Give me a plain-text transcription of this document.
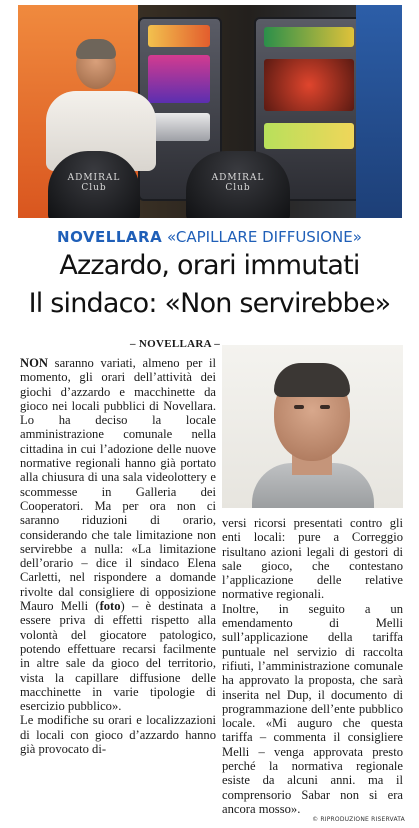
ADMIRAL
Club
ADMIRAL
Club
NOVELLARA «CAPILLARE DIFFUSIONE»
Azzardo, orari immutati
Il sindaco: «Non servirebbe»
– NOVELLARA –

NON saranno variati, almeno per il momento, gli orari dell’attività dei giochi d’azzardo e macchinette da gioco nei locali pubblici di Novellara. Lo ha deciso la locale amministrazione comunale nella cittadina in cui l’adozione delle nuove normative regionali hanno già portato alla chiusura di una sala videolottery e scommesse in Galleria dei Cooperatori. Ma per ora non ci saranno riduzioni di orario, considerando che tale limitazione non servirebbe a nulla: «La limitazione dell’orario – dice il sindaco Elena Carletti, nel rispondere a domande rivolte dal consigliere di opposizione Mauro Melli (foto) – è destinata a essere priva di effetti rispetto alla volontà del giocatore patologico, potendo effettuare recarsi facilmente in altre sale da gioco del territorio, vista la capillare diffusione delle macchinette in varie tipologie di esercizio pubblico».

Le modifiche su orari e localizzazioni di locali con gioco d’azzardo hanno già provocato di-

versi ricorsi presentati contro gli enti locali: pure a Correggio risultano azioni legali di gestori di sale gioco, che contestano l’applicazione delle relative normative regionali.

Inoltre, in seguito a un emendamento di Melli sull’applicazione della tariffa puntuale nel servizio di raccolta rifiuti, l’amministrazione comunale ha approvato la proposta, che sarà inserita nel Dup, il documento di programmazione dell’ente pubblico locale. «Mi auguro che questa tariffa – commenta il consigliere Melli – venga approvata presto perché la normativa regionale esiste da alcuni anni. ma il comprensorio Sabar non si era ancora mosso».

© RIPRODUZIONE RISERVATA
